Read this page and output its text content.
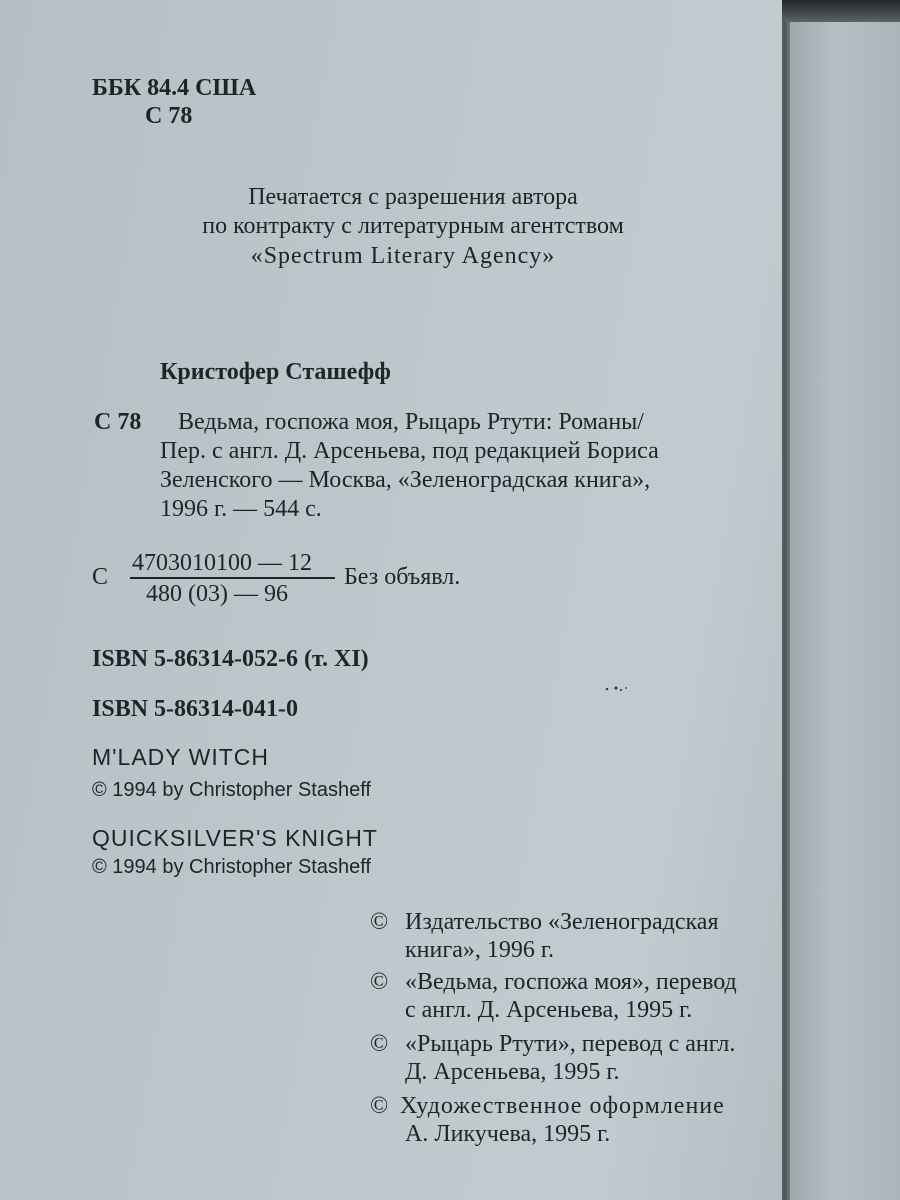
ББК 84.4 США
С 78
Печатается с разрешения автора
по контракту с литературным агентством
«Spectrum Literary Agency»
Кристофер Сташефф
С 78 Ведьма, госпожа моя, Рыцарь Ртути: Романы/
Пер. с англ. Д. Арсеньева, под редакцией Бориса
Зеленского — Москва, «Зеленоградская книга»,
1996 г. — 544 с.
С
4703010100 — 12
480 (03) — 96
Без объявл.
ISBN 5-86314-052-6 (т. XI)
ISBN 5-86314-041-0
M'LADY WITCH
© 1994 by Christopher Stasheff
QUICKSILVER'S KNIGHT
© 1994 by Christopher Stasheff
© Издательство «Зеленоградская
книга», 1996 г.
© «Ведьма, госпожа моя», перевод
с англ. Д. Арсеньева, 1995 г.
© «Рыцарь Ртути», перевод с англ.
Д. Арсеньева, 1995 г.
© Художественное оформление
А. Ликучева, 1995 г.
